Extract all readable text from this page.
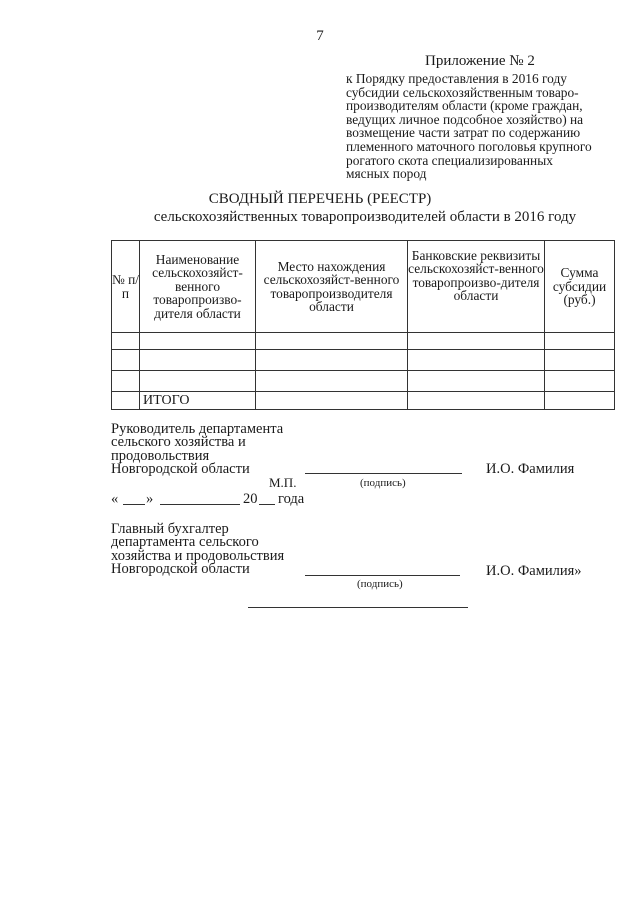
7
Приложение № 2
к Порядку предоставления в 2016 году
субсидии сельскохозяйственным товаро-
производителям области (кроме граждан,
ведущих личное подсобное хозяйство) на
возмещение части затрат по содержанию
племенного маточного поголовья крупного
рогатого скота специализированных
мясных пород
СВОДНЫЙ ПЕРЕЧЕНЬ (РЕЕСТР)
сельскохозяйственных товаропроизводителей области в 2016 году
№ п/п	Наименование сельскохозяйст-венного товаропроизво-дителя области	Место нахождения сельскохозяйст-венного товаропроизводителя области	Банковские реквизиты сельскохозяйст-венного товаропроизво-дителя области	Сумма субсидии (руб.)

	ИТОГО			
Руководитель департамента
сельского хозяйства и
продовольствия
Новгородской области	И.О. Фамилия
М.П.	(подпись)
« »	20 года
Главный бухгалтер
департамента сельского
хозяйства и продовольствия
Новгородской области	И.О. Фамилия»
(подпись)
